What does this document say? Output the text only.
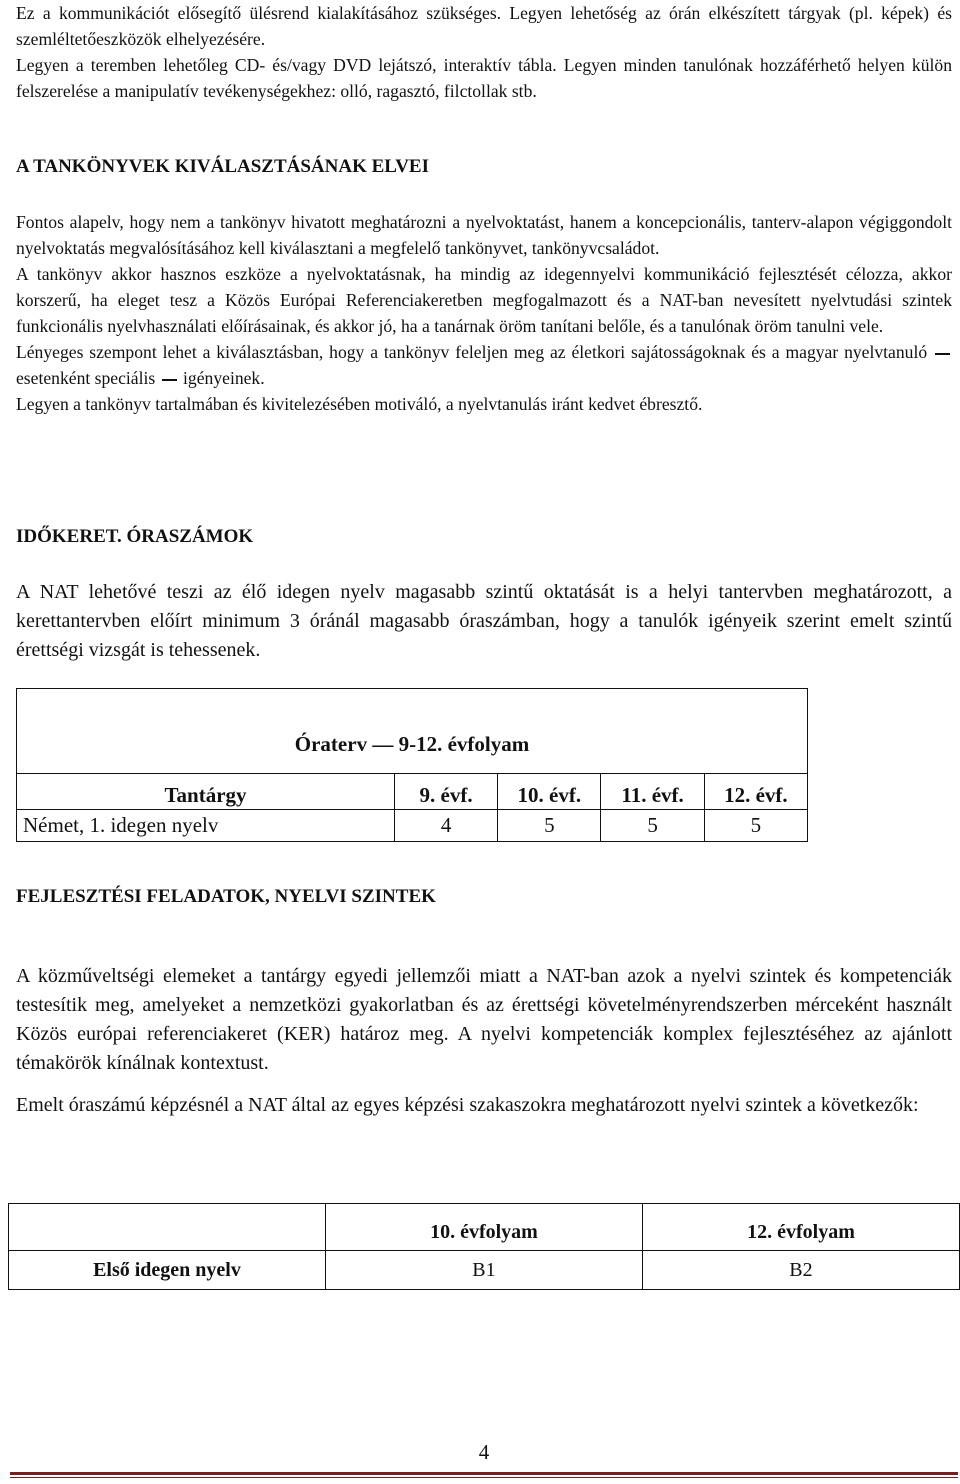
Ez a kommunikációt elősegítő ülésrend kialakításához szükséges. Legyen lehetőség az órán elkészített tárgyak (pl. képek) és szemléltetőeszközök elhelyezésére.

Legyen a teremben lehetőleg CD- és/vagy DVD lejátszó, interaktív tábla. Legyen minden tanulónak hozzáférhető helyen külön felszerelése a manipulatív tevékenységekhez: olló, ragasztó, filctollak stb.

A TANKÖNYVEK KIVÁLASZTÁSÁNAK ELVEI

Fontos alapelv, hogy nem a tankönyv hivatott meghatározni a nyelvoktatást, hanem a koncepcionális, tanterv-alapon végiggondolt nyelvoktatás megvalósításához kell kiválasztani a megfelelő tankönyvet, tankönyvcsaládot.

A tankönyv akkor hasznos eszköze a nyelvoktatásnak, ha mindig az idegennyelvi kommunikáció fejlesztését célozza, akkor korszerű, ha eleget tesz a Közös Európai Referenciakeretben megfogalmazott és a NAT-ban nevesített nyelvtudási szintek funkcionális nyelvhasználati előírásainak, és akkor jó, ha a tanárnak öröm tanítani belőle, és a tanulónak öröm tanulni vele.

Lényeges szempont lehet a kiválasztásban, hogy a tankönyv feleljen meg az életkori sajátosságoknak és a magyar nyelvtanuló  esetenként speciális igényeinek.

Legyen a tankönyv tartalmában és kivitelezésében motiváló, a nyelvtanulás iránt kedvet ébresztő.

IDŐKERET. ÓRASZÁMOK

A NAT lehetővé teszi az élő idegen nyelv magasabb szintű oktatását is a helyi tantervben meghatározott, a kerettantervben előírt minimum 3 óránál magasabb óraszámban, hogy a tanulók igényeik szerint emelt szintű érettségi vizsgát is tehessenek.

Óraterv — 9-12. évfolyam				
Tantárgy	9. évf.	10. évf.	11. évf.	12. évf.
Német, 1. idegen nyelv	4	5	5	5
FEJLESZTÉSI FELADATOK, NYELVI SZINTEK

A közműveltségi elemeket a tantárgy egyedi jellemzői miatt a NAT-ban azok a nyelvi szintek és kompetenciák testesítik meg, amelyeket a nemzetközi gyakorlatban és az érettségi követelményrendszerben mérceként használt Közös európai referenciakeret (KER) határoz meg. A nyelvi kompetenciák komplex fejlesztéséhez az ajánlott témakörök kínálnak kontextust.

Emelt óraszámú képzésnél a NAT által az egyes képzési szakaszokra meghatározott nyelvi szintek a következők:

	10. évfolyam	12. évfolyam
Első idegen nyelv	B1	B2
4
